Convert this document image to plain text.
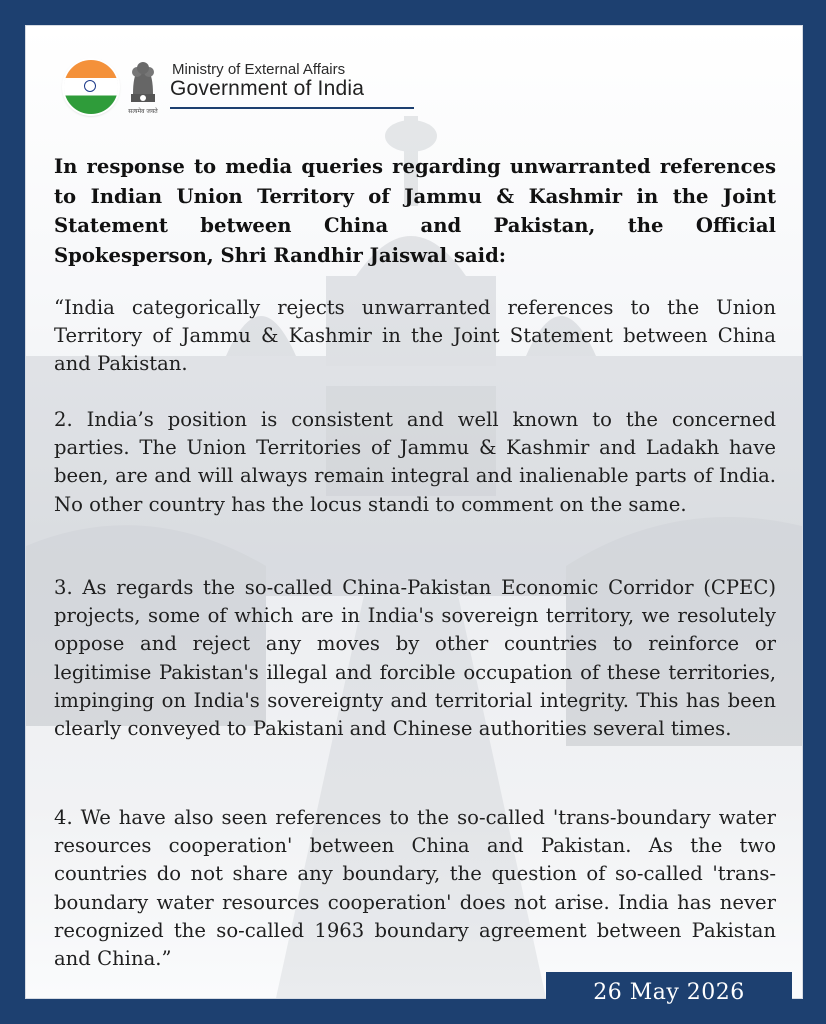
सत्यमेव जयते
Ministry of External Affairs
Government of India
In response to media queries regarding unwarranted references to Indian Union Territory of Jammu & Kashmir in the Joint Statement between China and Pakistan, the Official Spokesperson, Shri Randhir Jaiswal said:
“India categorically rejects unwarranted references to the Union Territory of Jammu & Kashmir in the Joint Statement between China and Pakistan.
2. India’s position is consistent and well known to the concerned parties. The Union Territories of Jammu & Kashmir and Ladakh have been, are and will always remain integral and inalienable parts of India. No other country has the locus standi to comment on the same.
3. As regards the so-called China-Pakistan Economic Corridor (CPEC) projects, some of which are in India's sovereign territory, we resolutely oppose and reject any moves by other countries to reinforce or legitimise Pakistan's illegal and forcible occupation of these territories, impinging on India's sovereignty and territorial integrity. This has been clearly conveyed to Pakistani and Chinese authorities several times.
4. We have also seen references to the so-called 'trans-boundary water resources cooperation' between China and Pakistan. As the two countries do not share any boundary, the question of so-called 'trans-boundary water resources cooperation' does not arise. India has never recognized the so-called 1963 boundary agreement between Pakistan and China.”
26 May 2026
